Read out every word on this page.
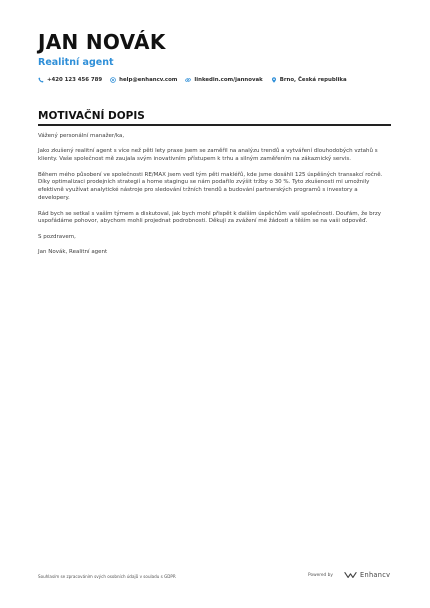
JAN NOVÁK
Realitní agent
+420 123 456 789	help@enhancv.com	linkedin.com/jannovak	Brno, Česká republika
MOTIVAČNÍ DOPIS

Vážený personální manažer/ka,

Jako zkušený realitní agent s více než pěti lety praxe jsem se zaměřil na analýzu trendů a vytváření dlouhodobých vztahů s klienty. Vaše společnost mě zaujala svým inovativním přístupem k trhu a silným zaměřením na zákaznický servis.

Během mého působení ve společnosti RE/MAX jsem vedl tým pěti makléřů, kde jsme dosáhli 125 úspěšných transakcí ročně. Díky optimalizaci prodejních strategií a home stagingu se nám podařilo zvýšit tržby o 30 %. Tyto zkušenosti mi umožnily efektivně využívat analytické nástroje pro sledování tržních trendů a budování partnerských programů s investory a developery.

Rád bych se setkal s vaším týmem a diskutoval, jak bych mohl přispět k dalším úspěchům vaší společnosti. Doufám, že brzy uspořádáme pohovor, abychom mohli projednat podrobnosti. Děkuji za zvážení mé žádosti a těším se na vaši odpověď.

S pozdravem,

Jan Novák, Realitní agent

Souhlasím se zpracováním svých osobních údajů v souladu s GDPR	Powered by	Enhancv
